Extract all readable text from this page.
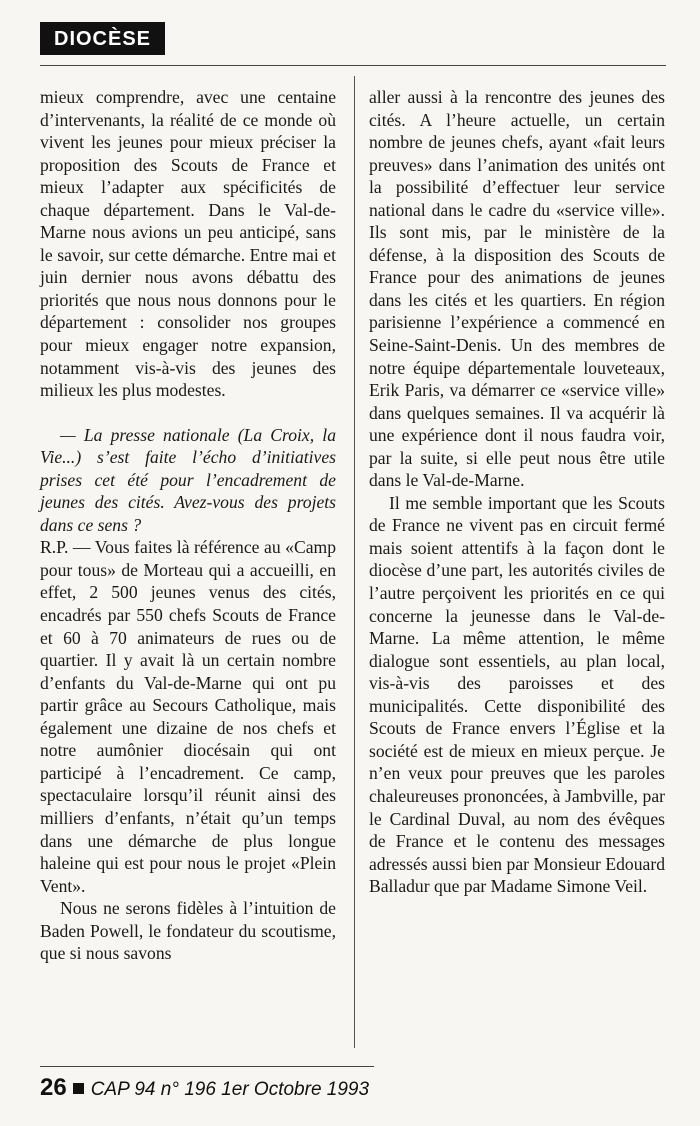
DIOCÈSE

mieux comprendre, avec une centaine d’intervenants, la réalité de ce monde où vivent les jeunes pour mieux préciser la proposition des Scouts de France et mieux l’adapter aux spécificités de chaque département. Dans le Val-de-Marne nous avions un peu anticipé, sans le savoir, sur cette démarche. Entre mai et juin dernier nous avons débattu des priorités que nous nous donnons pour le département : consolider nos groupes pour mieux engager notre expansion, notamment vis-à-vis des jeunes des milieux les plus modestes.

— La presse nationale (La Croix, la Vie...) s’est faite l’écho d’initiatives prises cet été pour l’encadrement de jeunes des cités. Avez-vous des projets dans ce sens ?

R.P. — Vous faites là référence au «Camp pour tous» de Morteau qui a accueilli, en effet, 2 500 jeunes venus des cités, encadrés par 550 chefs Scouts de France et 60 à 70 animateurs de rues ou de quartier. Il y avait là un certain nombre d’enfants du Val-de-Marne qui ont pu partir grâce au Secours Catholique, mais également une dizaine de nos chefs et notre aumônier diocésain qui ont participé à l’encadrement. Ce camp, spectaculaire lorsqu’il réunit ainsi des milliers d’enfants, n’était qu’un temps dans une démarche de plus longue haleine qui est pour nous le projet «Plein Vent».

Nous ne serons fidèles à l’intuition de Baden Powell, le fondateur du scoutisme, que si nous savons

aller aussi à la rencontre des jeunes des cités. A l’heure actuelle, un certain nombre de jeunes chefs, ayant «fait leurs preuves» dans l’animation des unités ont la possibilité d’effectuer leur service national dans le cadre du «service ville». Ils sont mis, par le ministère de la défense, à la disposition des Scouts de France pour des animations de jeunes dans les cités et les quartiers. En région parisienne l’expérience a commencé en Seine-Saint-Denis. Un des membres de notre équipe départementale louveteaux, Erik Paris, va démarrer ce «service ville» dans quelques semaines. Il va acquérir là une expérience dont il nous faudra voir, par la suite, si elle peut nous être utile dans le Val-de-Marne.

Il me semble important que les Scouts de France ne vivent pas en circuit fermé mais soient attentifs à la façon dont le diocèse d’une part, les autorités civiles de l’autre perçoivent les priorités en ce qui concerne la jeunesse dans le Val-de-Marne. La même attention, le même dialogue sont essentiels, au plan local, vis-à-vis des paroisses et des municipalités. Cette disponibilité des Scouts de France envers l’Église et la société est de mieux en mieux perçue. Je n’en veux pour preuves que les paroles chaleureuses prononcées, à Jambville, par le Cardinal Duval, au nom des évêques de France et le contenu des messages adressés aussi bien par Monsieur Edouard Balladur que par Madame Simone Veil.

26 CAP 94 n° 196 1er Octobre 1993
